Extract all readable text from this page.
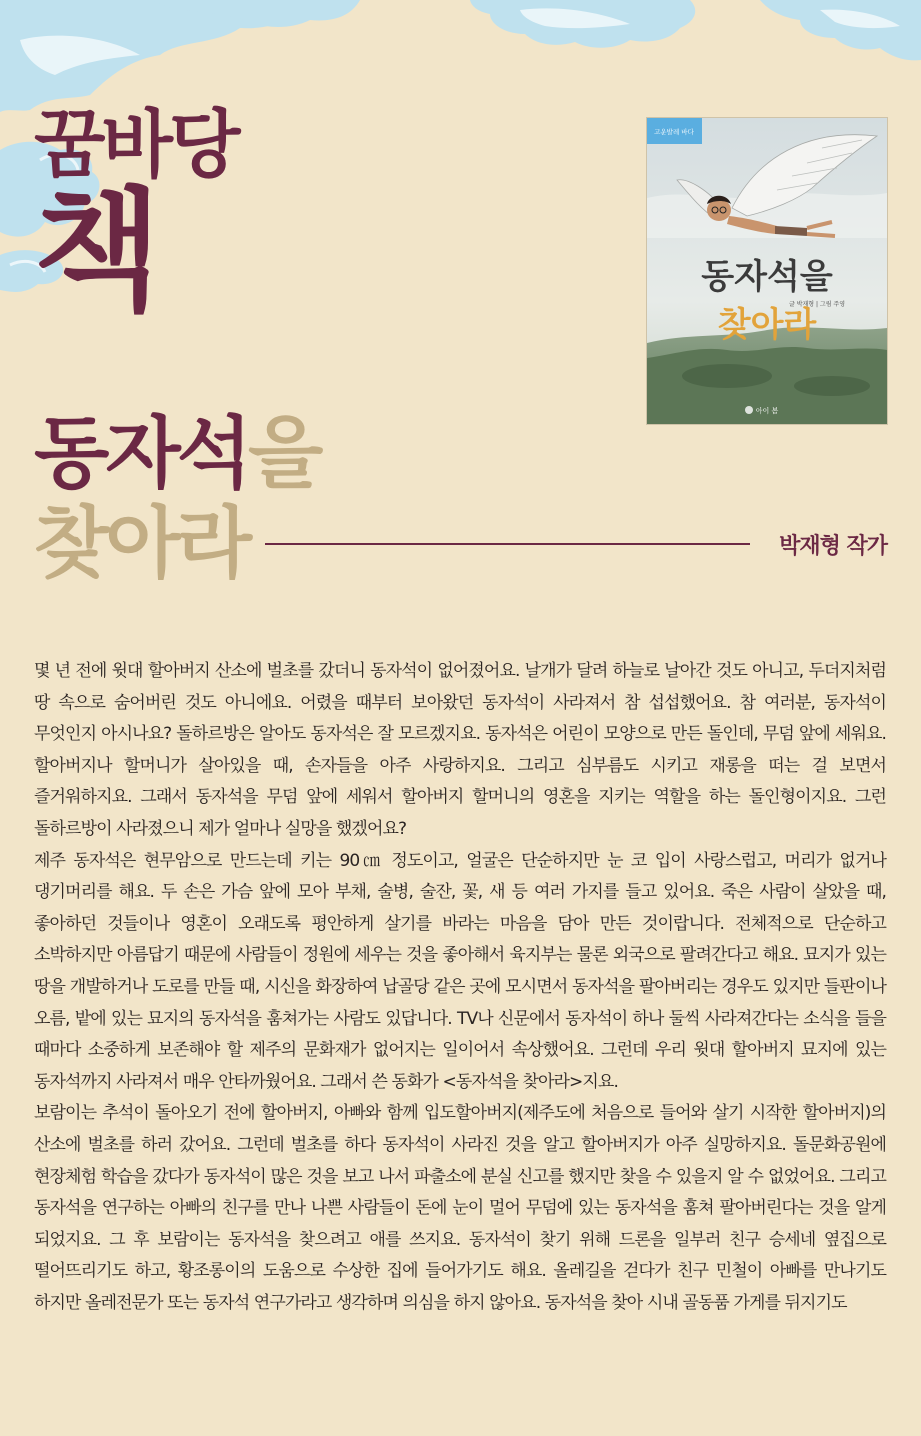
꿈바당
책
고운발레 바다
동자석을
찾아라
글 박재형 | 그림 주영
아이 봄
동자석을
찾아라	박재형 작가

몇 년 전에 윗대 할아버지 산소에 벌초를 갔더니 동자석이 없어졌어요. 날개가 달려 하늘로 날아간 것도 아니고, 두더지처럼 땅 속으로 숨어버린 것도 아니에요. 어렸을 때부터 보아왔던 동자석이 사라져서 참 섭섭했어요. 참 여러분, 동자석이 무엇인지 아시나요? 돌하르방은 알아도 동자석은 잘 모르겠지요. 동자석은 어린이 모양으로 만든 돌인데, 무덤 앞에 세워요. 할아버지나 할머니가 살아있을 때, 손자들을 아주 사랑하지요. 그리고 심부름도 시키고 재롱을 떠는 걸 보면서 즐거워하지요. 그래서 동자석을 무덤 앞에 세워서 할아버지 할머니의 영혼을 지키는 역할을 하는 돌인형이지요. 그런 돌하르방이 사라졌으니 제가 얼마나 실망을 했겠어요?

제주 동자석은 현무암으로 만드는데 키는 90㎝ 정도이고, 얼굴은 단순하지만 눈 코 입이 사랑스럽고, 머리가 없거나 댕기머리를 해요. 두 손은 가슴 앞에 모아 부채, 술병, 술잔, 꽃, 새 등 여러 가지를 들고 있어요. 죽은 사람이 살았을 때, 좋아하던 것들이나 영혼이 오래도록 평안하게 살기를 바라는 마음을 담아 만든 것이랍니다. 전체적으로 단순하고 소박하지만 아름답기 때문에 사람들이 정원에 세우는 것을 좋아해서 육지부는 물론 외국으로 팔려간다고 해요. 묘지가 있는 땅을 개발하거나 도로를 만들 때, 시신을 화장하여 납골당 같은 곳에 모시면서 동자석을 팔아버리는 경우도 있지만 들판이나 오름, 밭에 있는 묘지의 동자석을 훔쳐가는 사람도 있답니다. TV나 신문에서 동자석이 하나 둘씩 사라져간다는 소식을 들을 때마다 소중하게 보존해야 할 제주의 문화재가 없어지는 일이어서 속상했어요. 그런데 우리 윗대 할아버지 묘지에 있는 동자석까지 사라져서 매우 안타까웠어요. 그래서 쓴 동화가 <동자석을 찾아라>지요.

보람이는 추석이 돌아오기 전에 할아버지, 아빠와 함께 입도할아버지(제주도에 처음으로 들어와 살기 시작한 할아버지)의 산소에 벌초를 하러 갔어요. 그런데 벌초를 하다 동자석이 사라진 것을 알고 할아버지가 아주 실망하지요. 돌문화공원에 현장체험 학습을 갔다가 동자석이 많은 것을 보고 나서 파출소에 분실 신고를 했지만 찾을 수 있을지 알 수 없었어요. 그리고 동자석을 연구하는 아빠의 친구를 만나 나쁜 사람들이 돈에 눈이 멀어 무덤에 있는 동자석을 훔쳐 팔아버린다는 것을 알게 되었지요. 그 후 보람이는 동자석을 찾으려고 애를 쓰지요. 동자석이 찾기 위해 드론을 일부러 친구 승세네 옆집으로 떨어뜨리기도 하고, 황조롱이의 도움으로 수상한 집에 들어가기도 해요. 올레길을 걷다가 친구 민철이 아빠를 만나기도 하지만 올레전문가 또는 동자석 연구가라고 생각하며 의심을 하지 않아요. 동자석을 찾아 시내 골동품 가게를 뒤지기도
